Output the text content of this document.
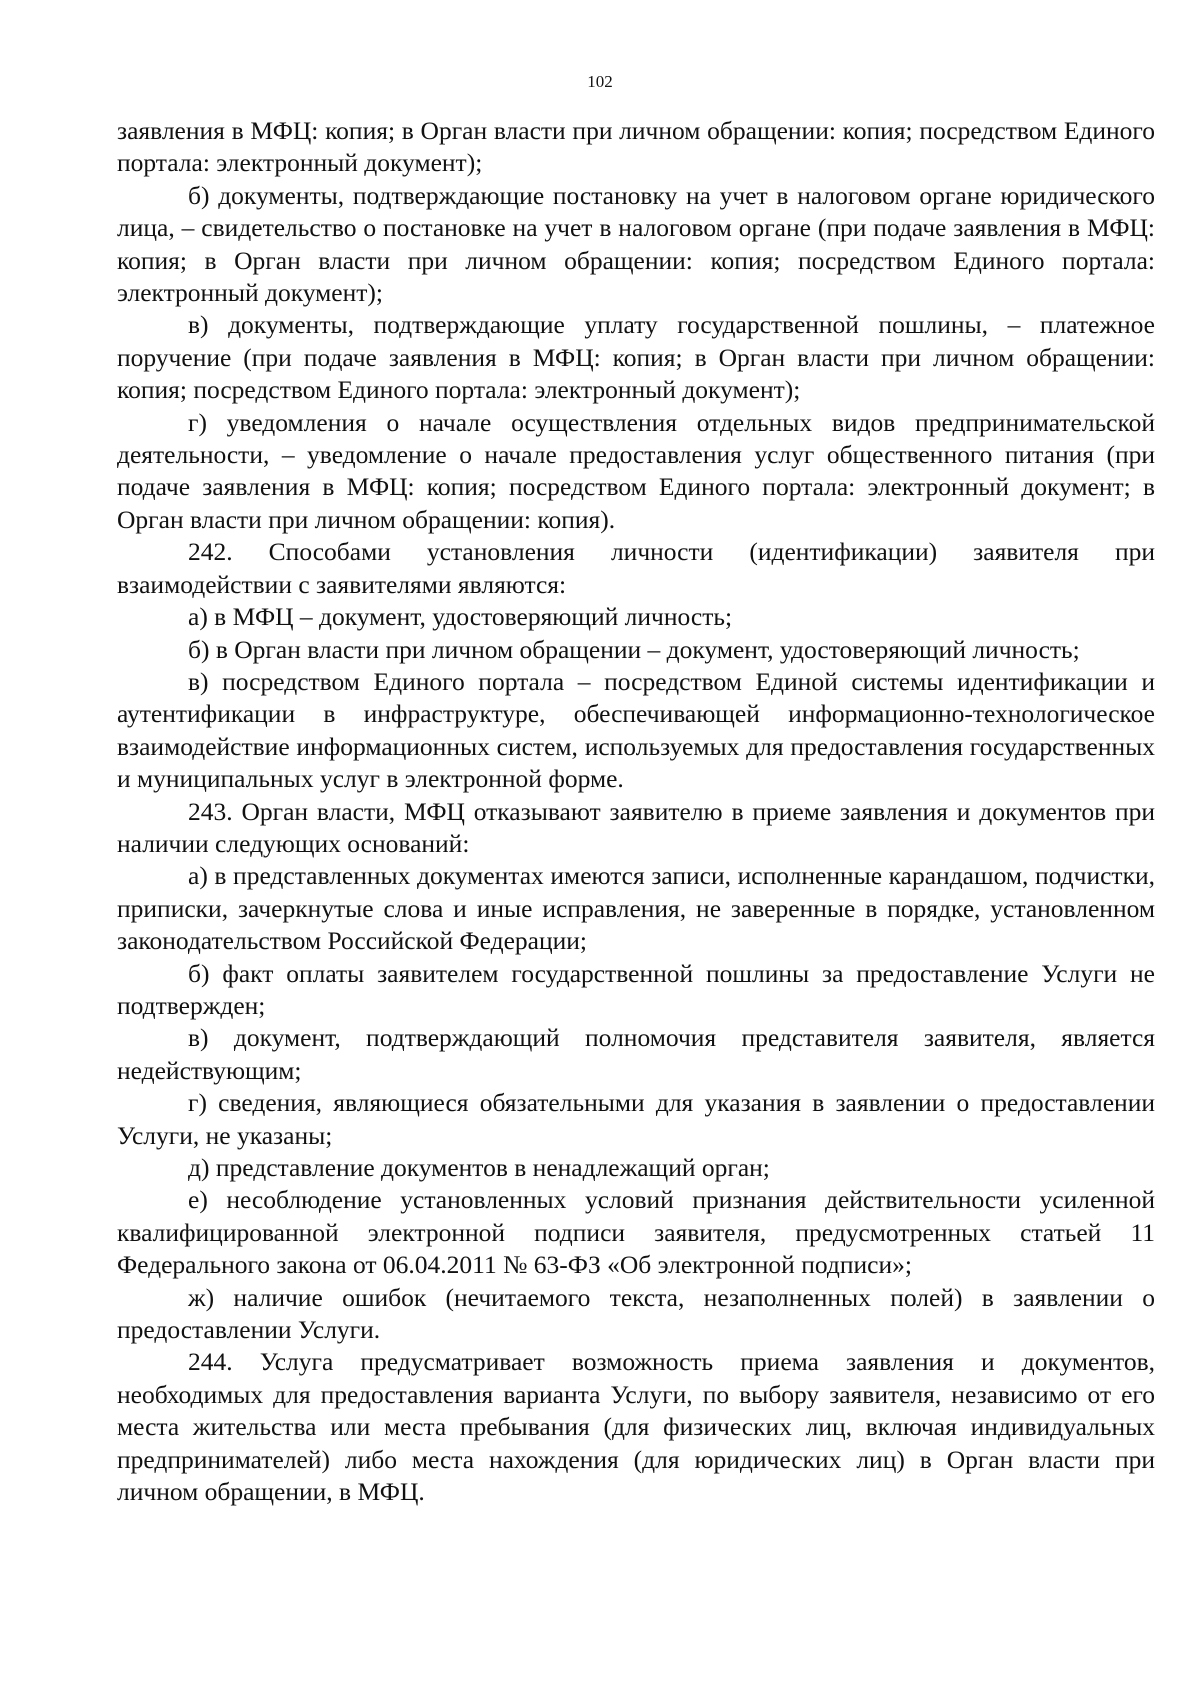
102

заявления в МФЦ: копия; в Орган власти при личном обращении: копия; посредством Единого портала: электронный документ);

б) документы, подтверждающие постановку на учет в налоговом органе юридического лица, – свидетельство о постановке на учет в налоговом органе (при подаче заявления в МФЦ: копия; в Орган власти при личном обращении: копия; посредством Единого портала: электронный документ);

в) документы, подтверждающие уплату государственной пошлины, – платежное поручение (при подаче заявления в МФЦ: копия; в Орган власти при личном обращении: копия; посредством Единого портала: электронный документ);

г) уведомления о начале осуществления отдельных видов предпринимательской деятельности, – уведомление о начале предоставления услуг общественного питания (при подаче заявления в МФЦ: копия; посредством Единого портала: электронный документ; в Орган власти при личном обращении: копия).

242. Способами установления личности (идентификации) заявителя при взаимодействии с заявителями являются:

а) в МФЦ – документ, удостоверяющий личность;

б) в Орган власти при личном обращении – документ, удостоверяющий личность;

в) посредством Единого портала – посредством Единой системы идентификации и аутентификации в инфраструктуре, обеспечивающей информационно-технологическое взаимодействие информационных систем, используемых для предоставления государственных и муниципальных услуг в электронной форме.

243. Орган власти, МФЦ отказывают заявителю в приеме заявления и документов при наличии следующих оснований:

а) в представленных документах имеются записи, исполненные карандашом, подчистки, приписки, зачеркнутые слова и иные исправления, не заверенные в порядке, установленном законодательством Российской Федерации;

б) факт оплаты заявителем государственной пошлины за предоставление Услуги не подтвержден;

в) документ, подтверждающий полномочия представителя заявителя, является недействующим;

г) сведения, являющиеся обязательными для указания в заявлении о предоставлении Услуги, не указаны;

д) представление документов в ненадлежащий орган;

е) несоблюдение установленных условий признания действительности усиленной квалифицированной электронной подписи заявителя, предусмотренных статьей 11 Федерального закона от 06.04.2011 № 63-ФЗ «Об электронной подписи»;

ж) наличие ошибок (нечитаемого текста, незаполненных полей) в заявлении о предоставлении Услуги.

244. Услуга предусматривает возможность приема заявления и документов, необходимых для предоставления варианта Услуги, по выбору заявителя, независимо от его места жительства или места пребывания (для физических лиц, включая индивидуальных предпринимателей) либо места нахождения (для юридических лиц) в Орган власти при личном обращении, в МФЦ.
